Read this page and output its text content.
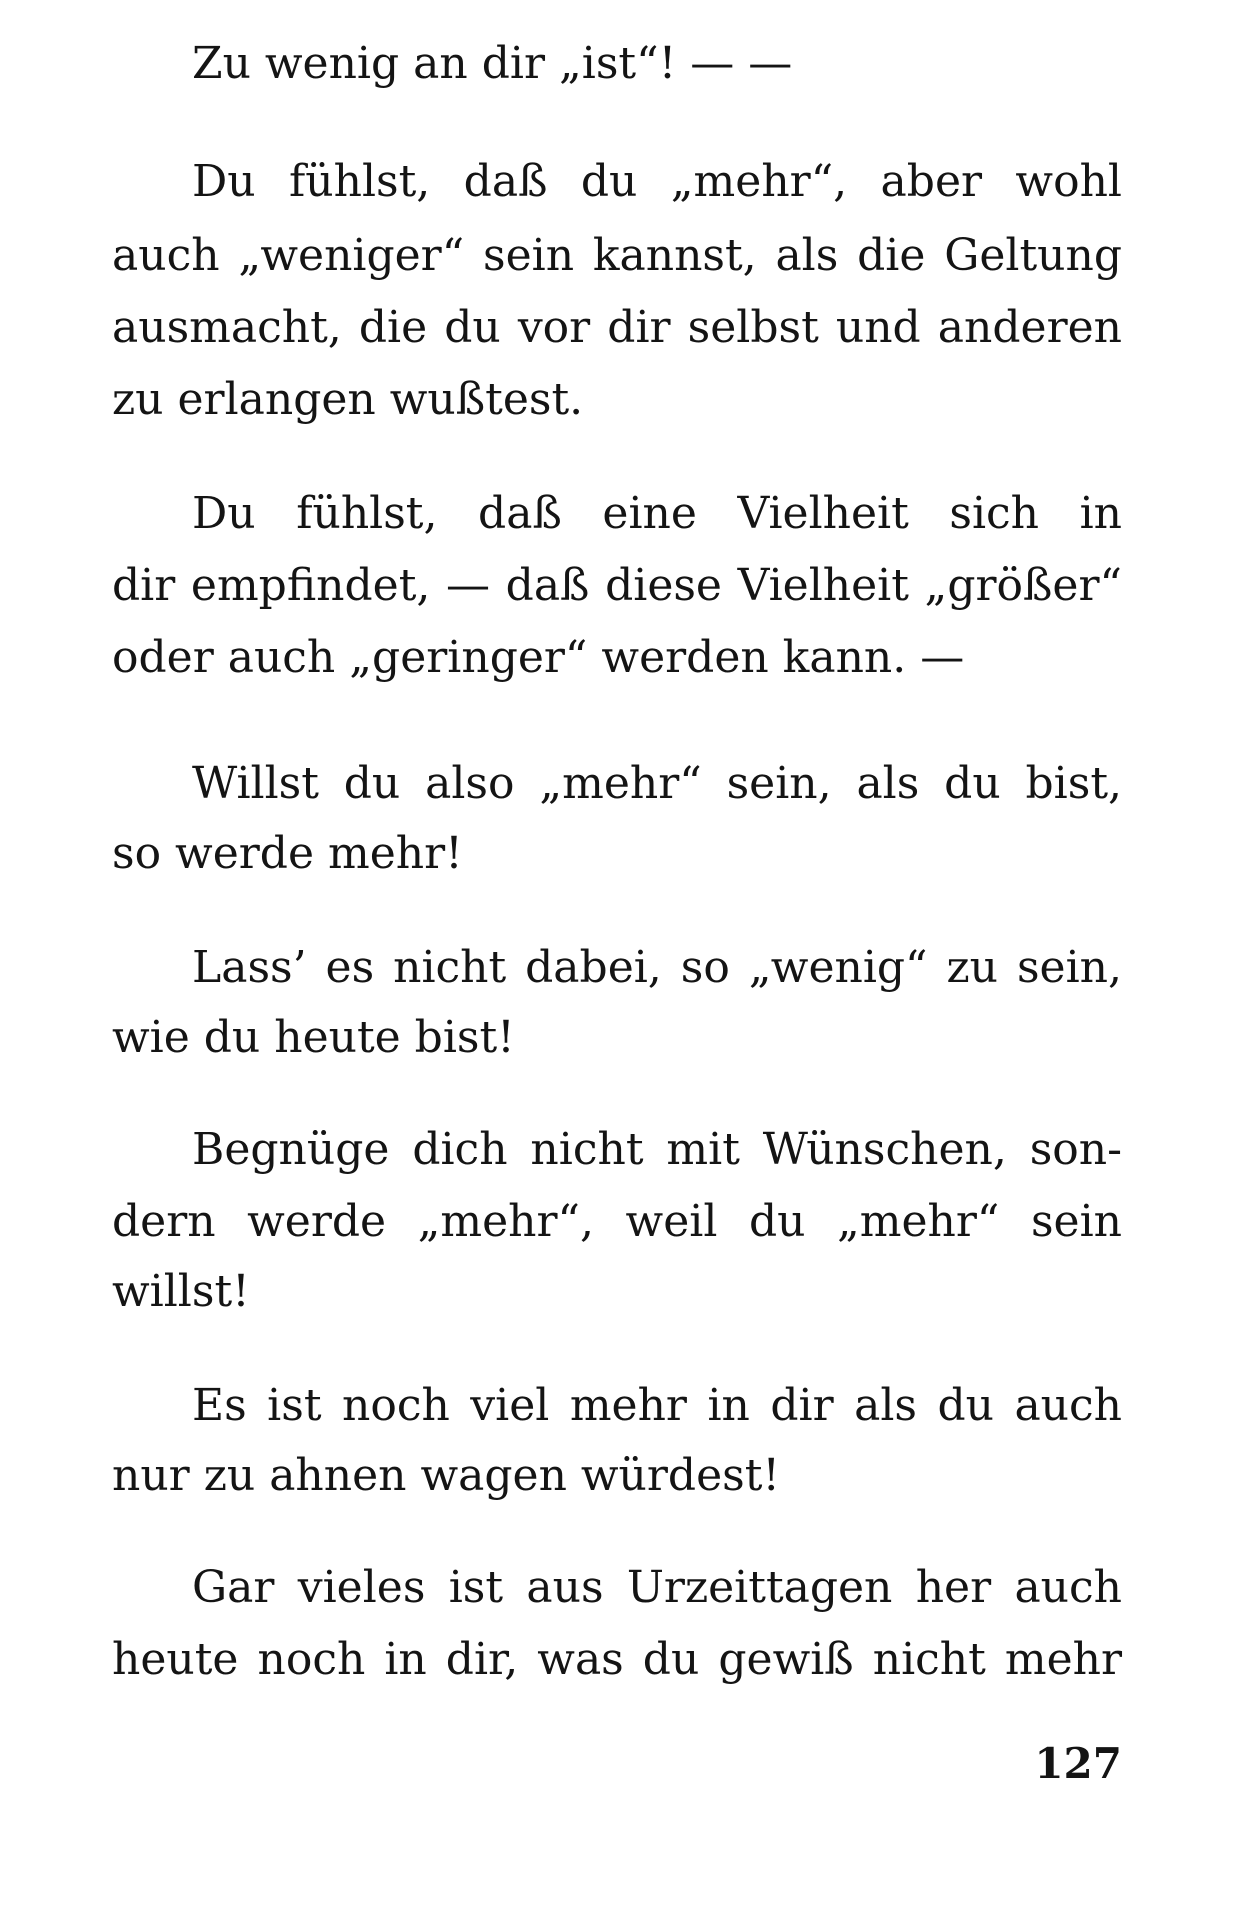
Zu wenig an dir „ist“! — —
Du fühlst, daß du „mehr“, aber wohl
auch „weniger“ sein kannst, als die Geltung
ausmacht, die du vor dir selbst und anderen
zu erlangen wußtest.
Du fühlst, daß eine Vielheit sich in
dir empfindet, — daß diese Vielheit „größer“
oder auch „geringer“ werden kann. —
Willst du also „mehr“ sein, als du bist,
so werde mehr!
Lass’ es nicht dabei, so „wenig“ zu sein,
wie du heute bist!
Begnüge dich nicht mit Wünschen, son-
dern werde „mehr“, weil du „mehr“ sein
willst!
Es ist noch viel mehr in dir als du auch
nur zu ahnen wagen würdest!
Gar vieles ist aus Urzeittagen her auch
heute noch in dir, was du gewiß nicht mehr
127
